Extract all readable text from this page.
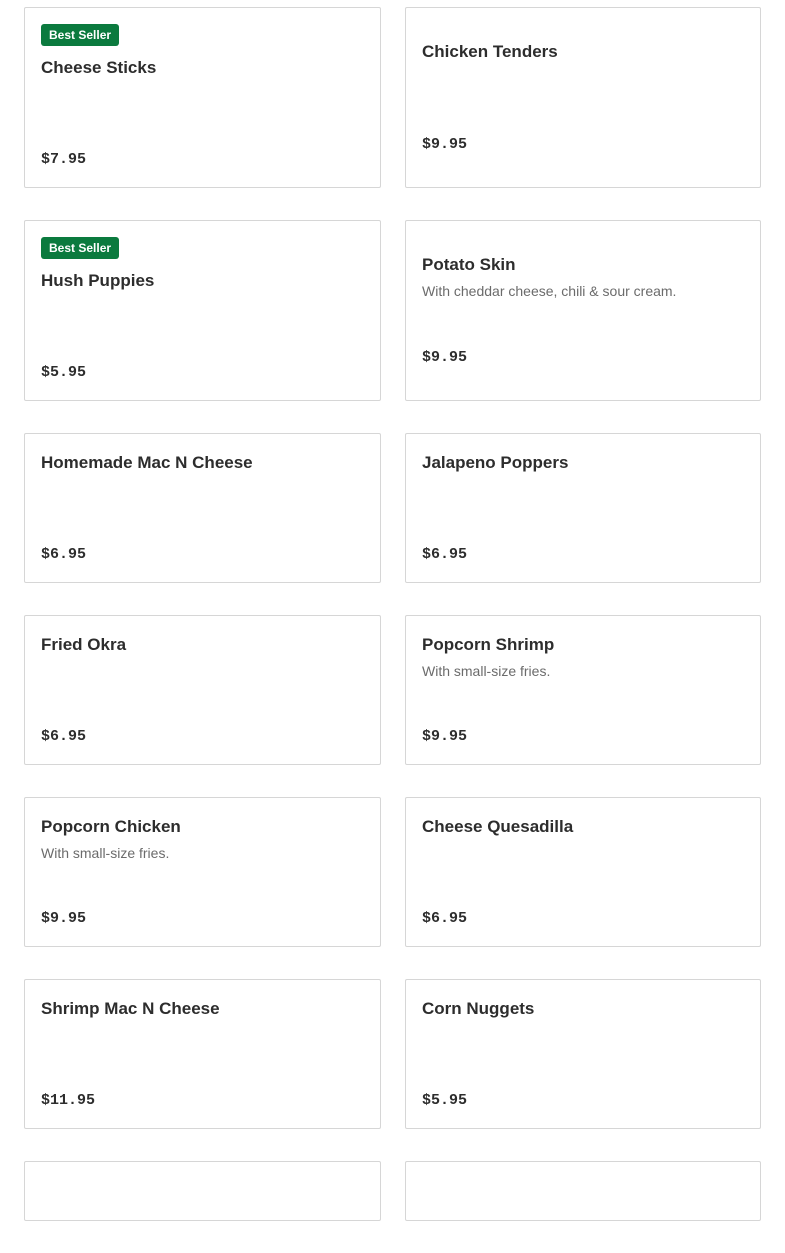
Best Seller
Cheese Sticks
$7.95
Chicken Tenders
$9.95
Best Seller
Hush Puppies
$5.95
Potato Skin
With cheddar cheese, chili & sour cream.
$9.95
Homemade Mac N Cheese
$6.95
Jalapeno Poppers
$6.95
Fried Okra
$6.95
Popcorn Shrimp
With small-size fries.
$9.95
Popcorn Chicken
With small-size fries.
$9.95
Cheese Quesadilla
$6.95
Shrimp Mac N Cheese
$11.95
Corn Nuggets
$5.95
